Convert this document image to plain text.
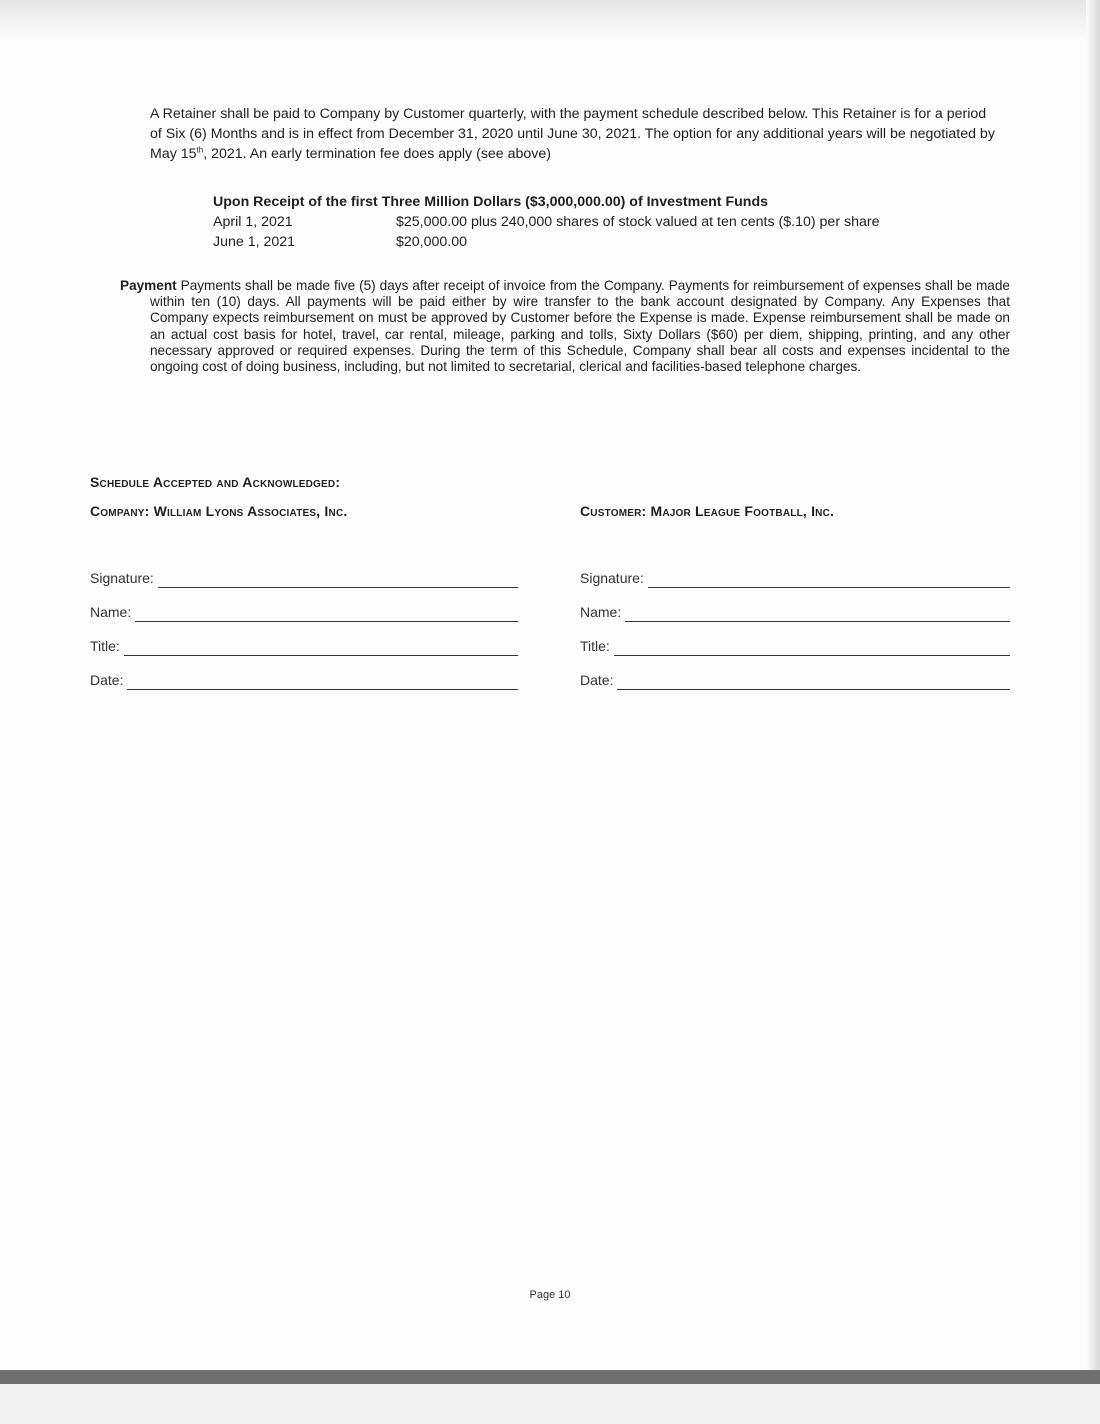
A Retainer shall be paid to Company by Customer quarterly, with the payment schedule described below. This Retainer is for a period of Six (6) Months and is in effect from December 31, 2020 until June 30, 2021. The option for any additional years will be negotiated by May 15th, 2021. An early termination fee does apply (see above)
Upon Receipt of the first Three Million Dollars ($3,000,000.00) of Investment Funds
April 1, 2021	$25,000.00 plus 240,000 shares of stock valued at ten cents ($.10) per share
June 1, 2021	$20,000.00

Payment Payments shall be made five (5) days after receipt of invoice from the Company. Payments for reimbursement of expenses shall be made within ten (10) days. All payments will be paid either by wire transfer to the bank account designated by Company. Any Expenses that Company expects reimbursement on must be approved by Customer before the Expense is made. Expense reimbursement shall be made on an actual cost basis for hotel, travel, car rental, mileage, parking and tolls, Sixty Dollars ($60) per diem, shipping, printing, and any other necessary approved or required expenses. During the term of this Schedule, Company shall bear all costs and expenses incidental to the ongoing cost of doing business, including, but not limited to secretarial, clerical and facilities-based telephone charges.

Schedule Accepted and Acknowledged:
Company: William Lyons Associates, Inc.	Customer: Major League Football, Inc.
Signature:
Name:
Title:
Date:
Signature:
Name:
Title:
Date:
Page 10
